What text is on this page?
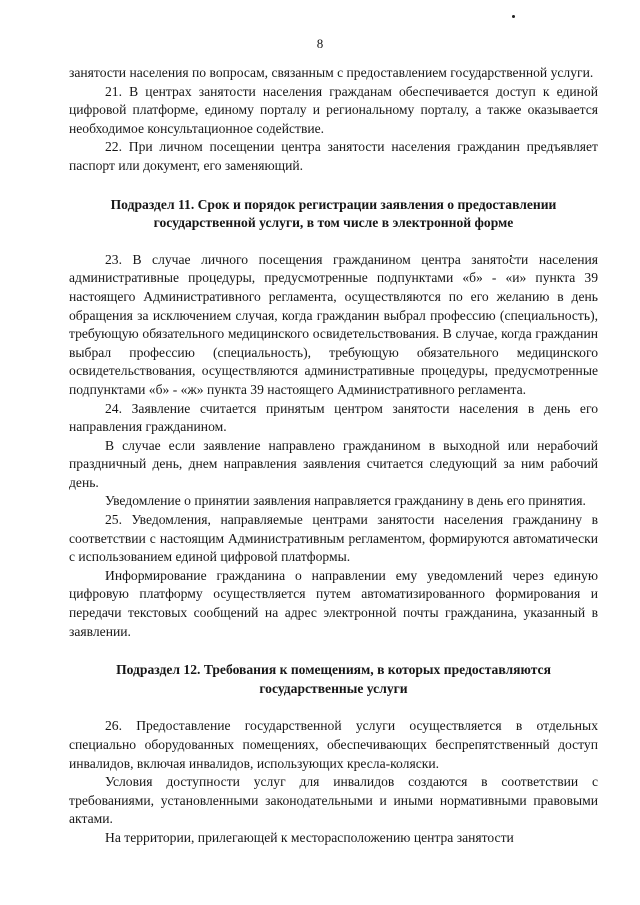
8

занятости населения по вопросам, связанным с предоставлением государственной услуги.

21. В центрах занятости населения гражданам обеспечивается доступ к единой цифровой платформе, единому порталу и региональному порталу, а также оказывается необходимое консультационное содействие.

22. При личном посещении центра занятости населения гражданин предъявляет паспорт или документ, его заменяющий.

Подраздел 11. Срок и порядок регистрации заявления о предоставлении государственной услуги, в том числе в электронной форме

23. В случае личного посещения гражданином центра занятости населения административные процедуры, предусмотренные подпунктами «б» - «и» пункта 39 настоящего Административного регламента, осуществляются по его желанию в день обращения за исключением случая, когда гражданин выбрал профессию (специальность), требующую обязательного медицинского освидетельствования. В случае, когда гражданин выбрал профессию (специальность), требующую обязательного медицинского освидетельствования, осуществляются административные процедуры, предусмотренные подпунктами «б» - «ж» пункта 39 настоящего Административного регламента.

24. Заявление считается принятым центром занятости населения в день его направления гражданином.

В случае если заявление направлено гражданином в выходной или нерабочий праздничный день, днем направления заявления считается следующий за ним рабочий день.

Уведомление о принятии заявления направляется гражданину в день его принятия.

25. Уведомления, направляемые центрами занятости населения гражданину в соответствии с настоящим Административным регламентом, формируются автоматически с использованием единой цифровой платформы.

Информирование гражданина о направлении ему уведомлений через единую цифровую платформу осуществляется путем автоматизированного формирования и передачи текстовых сообщений на адрес электронной почты гражданина, указанный в заявлении.

Подраздел 12. Требования к помещениям, в которых предоставляются государственные услуги

26. Предоставление государственной услуги осуществляется в отдельных специально оборудованных помещениях, обеспечивающих беспрепятственный доступ инвалидов, включая инвалидов, использующих кресла-коляски.

Условия доступности услуг для инвалидов создаются в соответствии с требованиями, установленными законодательными и иными нормативными правовыми актами.

На территории, прилегающей к месторасположению центра занятости
